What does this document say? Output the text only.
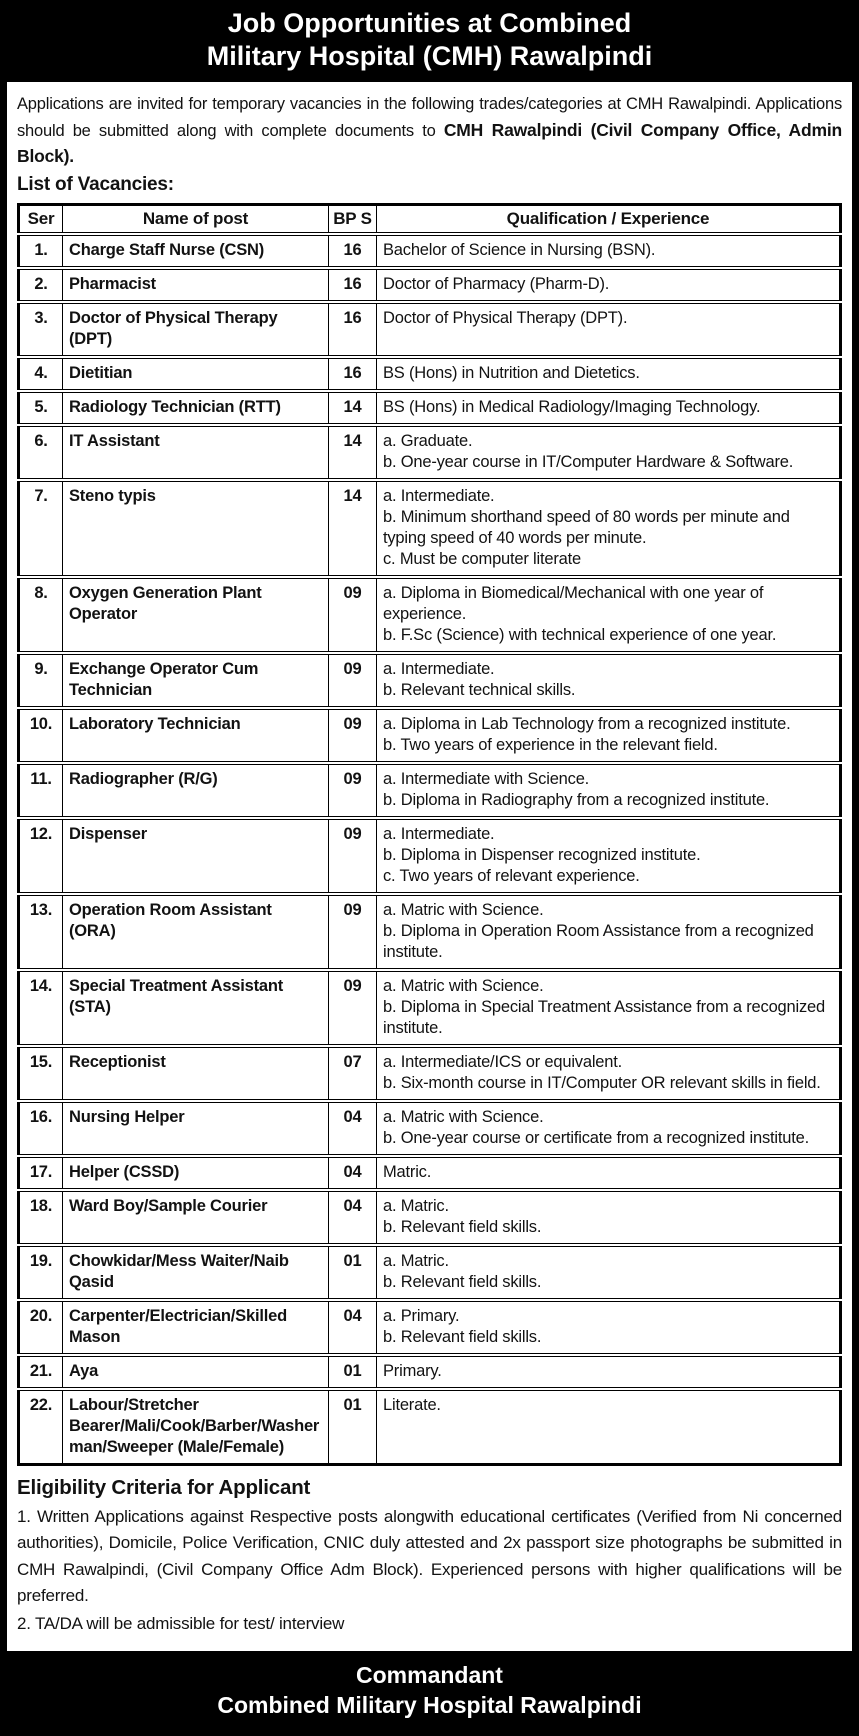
Job Opportunities at Combined
Military Hospital (CMH) Rawalpindi

Applications are invited for temporary vacancies in the following trades/categories at CMH Rawalpindi. Applications should be submitted along with complete documents to CMH Rawalpindi (Civil Company Office, Admin Block).

List of Vacancies:
Ser	Name of post	BP S	Qualification / Experience
1.	Charge Staff Nurse (CSN)	16	Bachelor of Science in Nursing (BSN).

2.	Pharmacist	16	Doctor of Pharmacy (Pharm-D).

3.	Doctor of Physical Therapy (DPT)	16	Doctor of Physical Therapy (DPT).

4.	Dietitian	16	BS (Hons) in Nutrition and Dietetics.

5.	Radiology Technician (RTT)	14	BS (Hons) in Medical Radiology/Imaging Technology.

6.	IT Assistant	14	a. Graduate.
b. One-year course in IT/Computer Hardware & Software.

7.	Steno typis	14	a. Intermediate.
b. Minimum shorthand speed of 80 words per minute and typing speed of 40 words per minute.
c. Must be computer literate

8.	Oxygen Generation Plant Operator	09	a. Diploma in Biomedical/Mechanical with one year of experience.
b. F.Sc (Science) with technical experience of one year.

9.	Exchange Operator Cum Technician	09	a. Intermediate.
b. Relevant technical skills.

10.	Laboratory Technician	09	a. Diploma in Lab Technology from a recognized institute.
b. Two years of experience in the relevant field.

11.	Radiographer (R/G)	09	a. Intermediate with Science.
b. Diploma in Radiography from a recognized institute.

12.	Dispenser	09	a. Intermediate.
b. Diploma in Dispenser recognized institute.
c. Two years of relevant experience.

13.	Operation Room Assistant (ORA)	09	a. Matric with Science.
b. Diploma in Operation Room Assistance from a recognized institute.

14.	Special Treatment Assistant (STA)	09	a. Matric with Science.
b. Diploma in Special Treatment Assistance from a recognized institute.

15.	Receptionist	07	a. Intermediate/ICS or equivalent.
b. Six-month course in IT/Computer OR relevant skills in field.

16.	Nursing Helper	04	a. Matric with Science.
b. One-year course or certificate from a recognized institute.

17.	Helper (CSSD)	04	Matric.

18.	Ward Boy/Sample Courier	04	a. Matric.
b. Relevant field skills.

19.	Chowkidar/Mess Waiter/Naib Qasid	01	a. Matric.
b. Relevant field skills.

20.	Carpenter/Electrician/Skilled Mason	04	a. Primary.
b. Relevant field skills.

21.	Aya	01	Primary.

22.	Labour/Stretcher Bearer/Mali/Cook/Barber/Washer man/Sweeper (Male/Female)	01	Literate.
Eligibility Criteria for Applicant

1. Written Applications against Respective posts alongwith educational certificates (Verified from Ni concerned authorities), Domicile, Police Verification, CNIC duly attested and 2x passport size photographs be submitted in CMH Rawalpindi, (Civil Company Office Adm Block). Experienced persons with higher qualifications will be preferred.

2. TA/DA will be admissible for test/ interview

Commandant
Combined Military Hospital Rawalpindi
